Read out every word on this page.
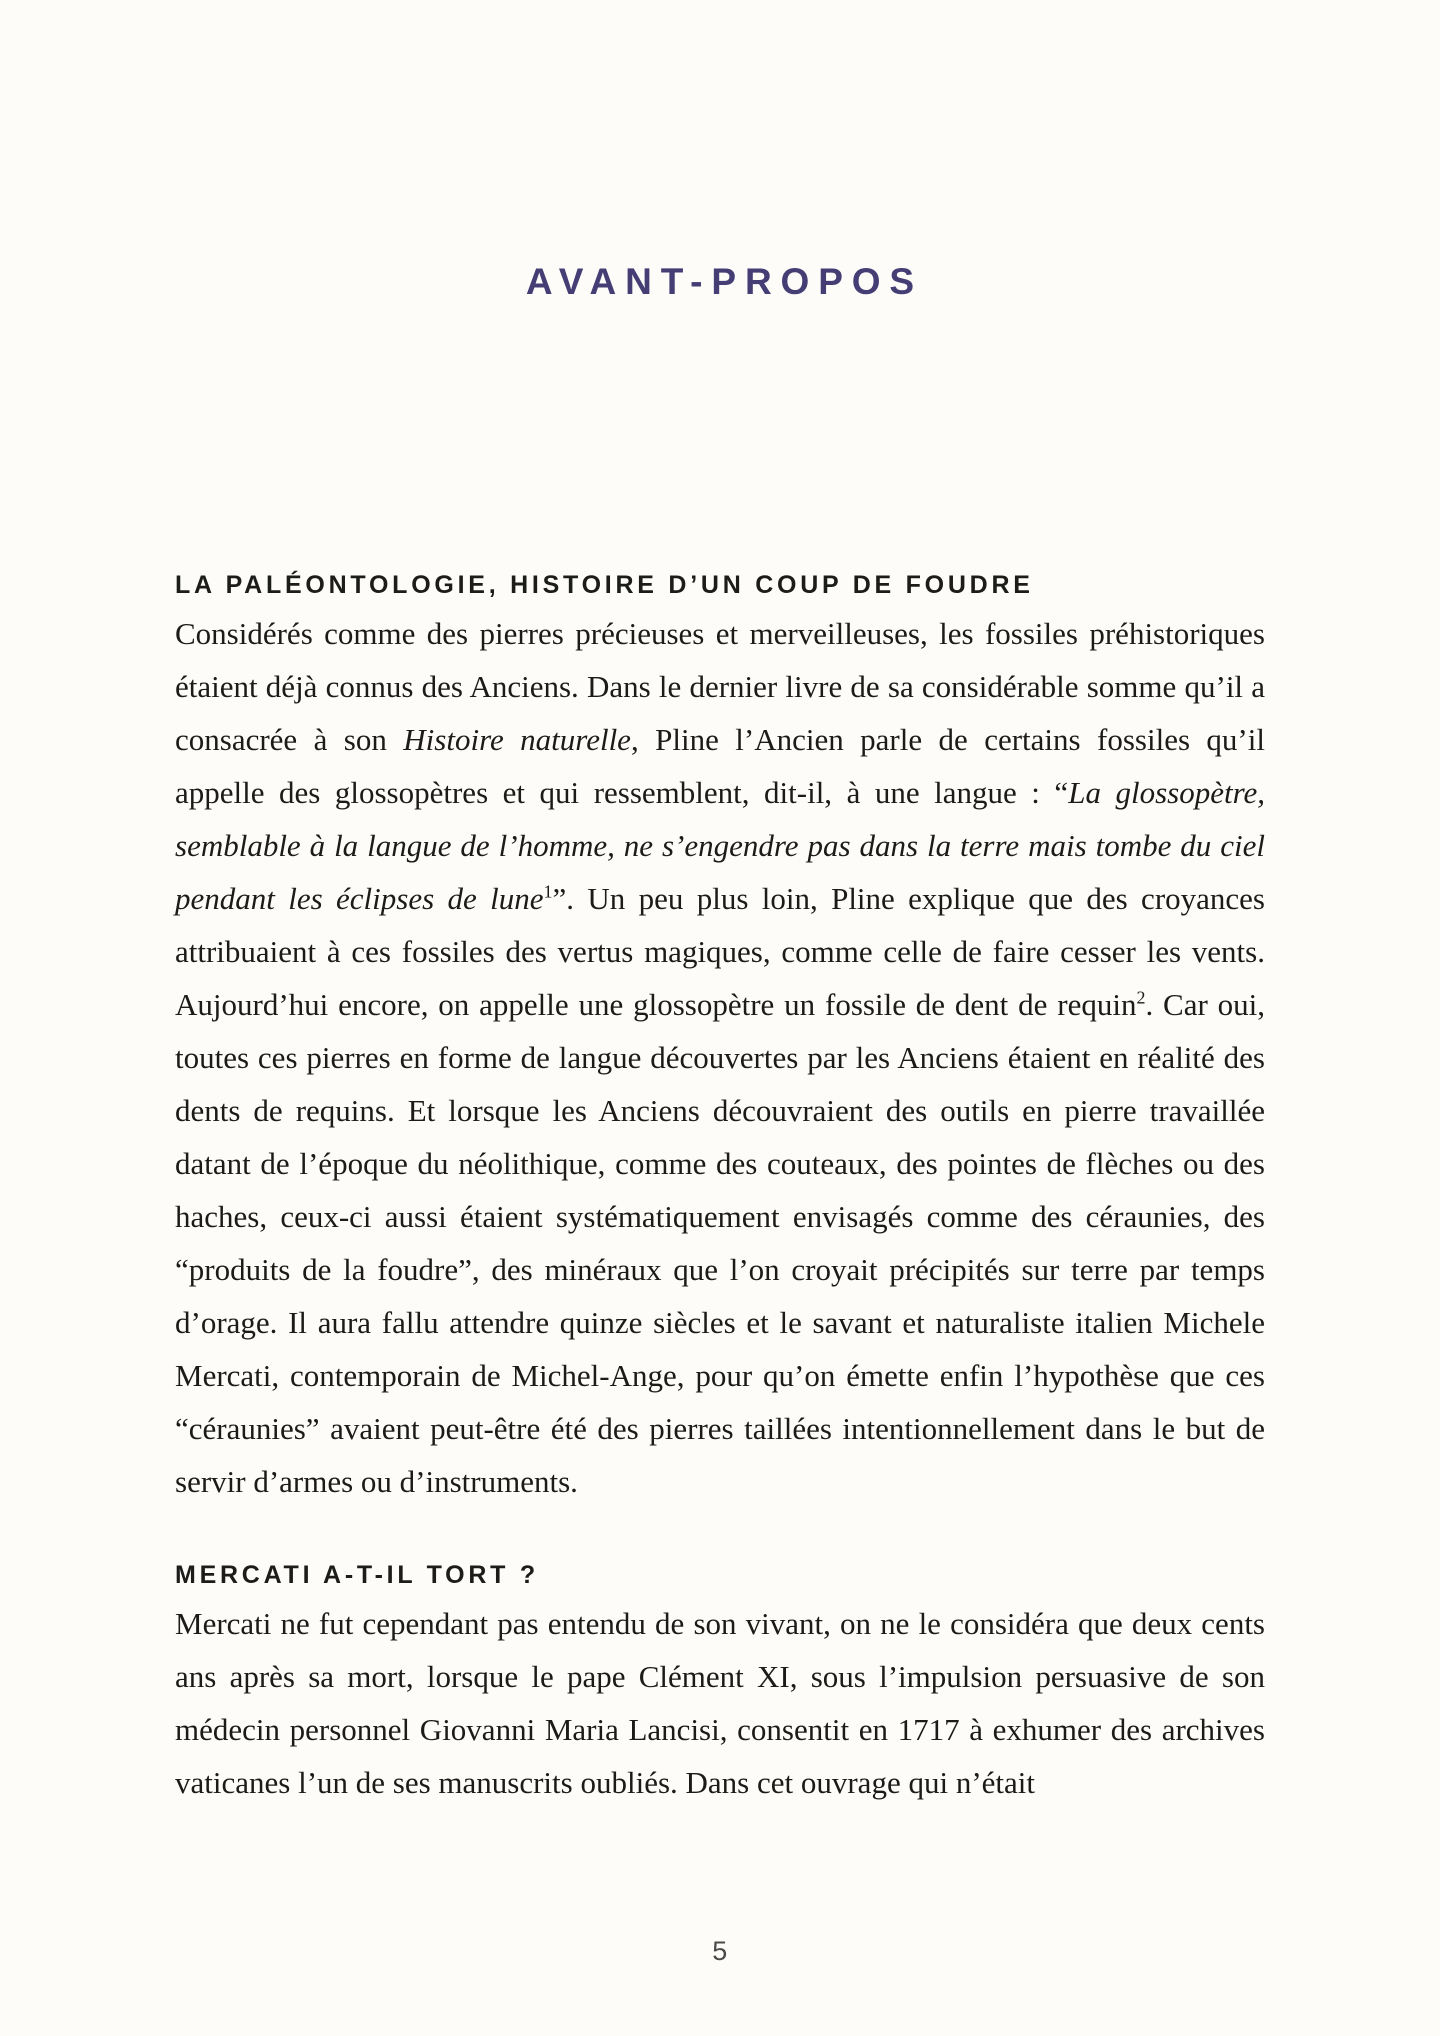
AVANT-PROPOS
LA PALÉONTOLOGIE, HISTOIRE D’UN COUP DE FOUDRE

Considérés comme des pierres précieuses et merveilleuses, les fossiles préhistoriques étaient déjà connus des Anciens. Dans le dernier livre de sa considérable somme qu’il a consacrée à son Histoire naturelle, Pline l’Ancien parle de certains fossiles qu’il appelle des glossopètres et qui ressemblent, dit-il, à une langue : “La glossopètre, semblable à la langue de l’homme, ne s’engendre pas dans la terre mais tombe du ciel pendant les éclipses de lune$^1$”. Un peu plus loin, Pline explique que des croyances attribuaient à ces fossiles des vertus magiques, comme celle de faire cesser les vents. Aujourd’hui encore, on appelle une glossopètre un fossile de dent de requin$^2$. Car oui, toutes ces pierres en forme de langue découvertes par les Anciens étaient en réalité des dents de requins. Et lorsque les Anciens découvraient des outils en pierre travaillée datant de l’époque du néolithique, comme des couteaux, des pointes de flèches ou des haches, ceux-ci aussi étaient systématiquement envisagés comme des céraunies, des “produits de la foudre”, des minéraux que l’on croyait précipités sur terre par temps d’orage. Il aura fallu attendre quinze siècles et le savant et naturaliste italien Michele Mercati, contemporain de Michel-Ange, pour qu’on émette enfin l’hypothèse que ces “céraunies” avaient peut-être été des pierres taillées intentionnellement dans le but de servir d’armes ou d’instruments.

MERCATI A-T-IL TORT ?

Mercati ne fut cependant pas entendu de son vivant, on ne le considéra que deux cents ans après sa mort, lorsque le pape Clément XI, sous l’impulsion persuasive de son médecin personnel Giovanni Maria Lancisi, consentit en 1717 à exhumer des archives vaticanes l’un de ses manuscrits oubliés. Dans cet ouvrage qui n’était

5
